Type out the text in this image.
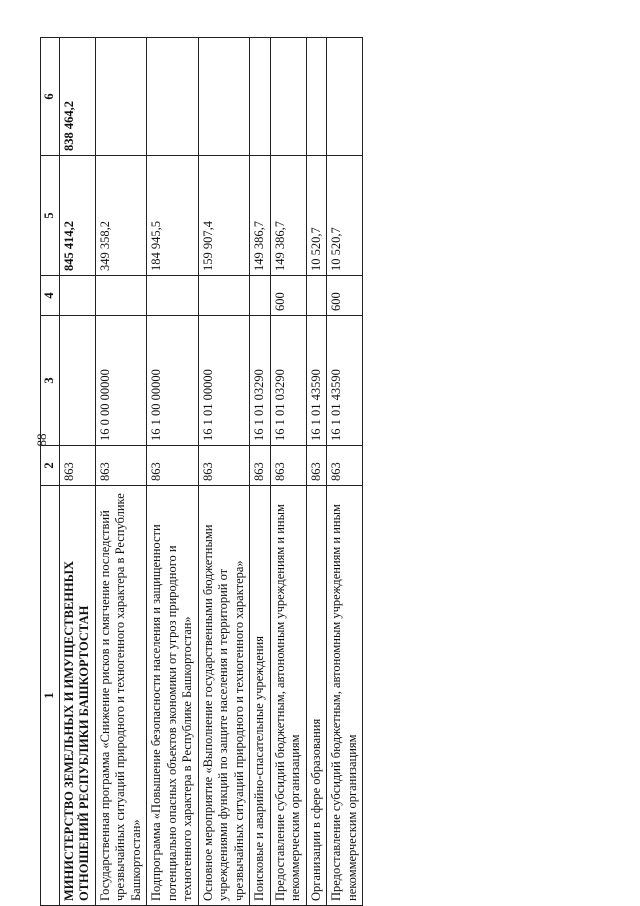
88
1	2	3	4	5	6
МИНИСТЕРСТВО ЗЕМЕЛЬНЫХ И ИМУЩЕСТВЕННЫХ ОТНОШЕНИЙ РЕСПУБЛИКИ БАШКОРТОСТАН	863			845 414,2	838 464,2
Государственная программа «Снижение рисков и смягчение последствий чрезвычайных ситуаций природного и техногенного характера в Республике Башкортостан»	863	16 0 00 00000		349 358,2	
Подпрограмма «Повышение безопасности населения и защищенности потенциально опасных объектов экономики от угроз природного и техногенного характера в Республике Башкортостан»	863	16 1 00 00000		184 945,5	
Основное мероприятие «Выполнение государственными бюджетными учреждениями функций по защите населения и территорий от чрезвычайных ситуаций природного и техногенного характера»	863	16 1 01 00000		159 907,4	
Поисковые и аварийно-спасательные учреждения	863	16 1 01 03290		149 386,7	
Предоставление субсидий бюджетным, автономным учреждениям и иным некоммерческим организациям	863	16 1 01 03290	600	149 386,7	
Организации в сфере образования	863	16 1 01 43590		10 520,7	
Предоставление субсидий бюджетным, автономным учреждениям и иным некоммерческим организациям	863	16 1 01 43590	600	10 520,7	
